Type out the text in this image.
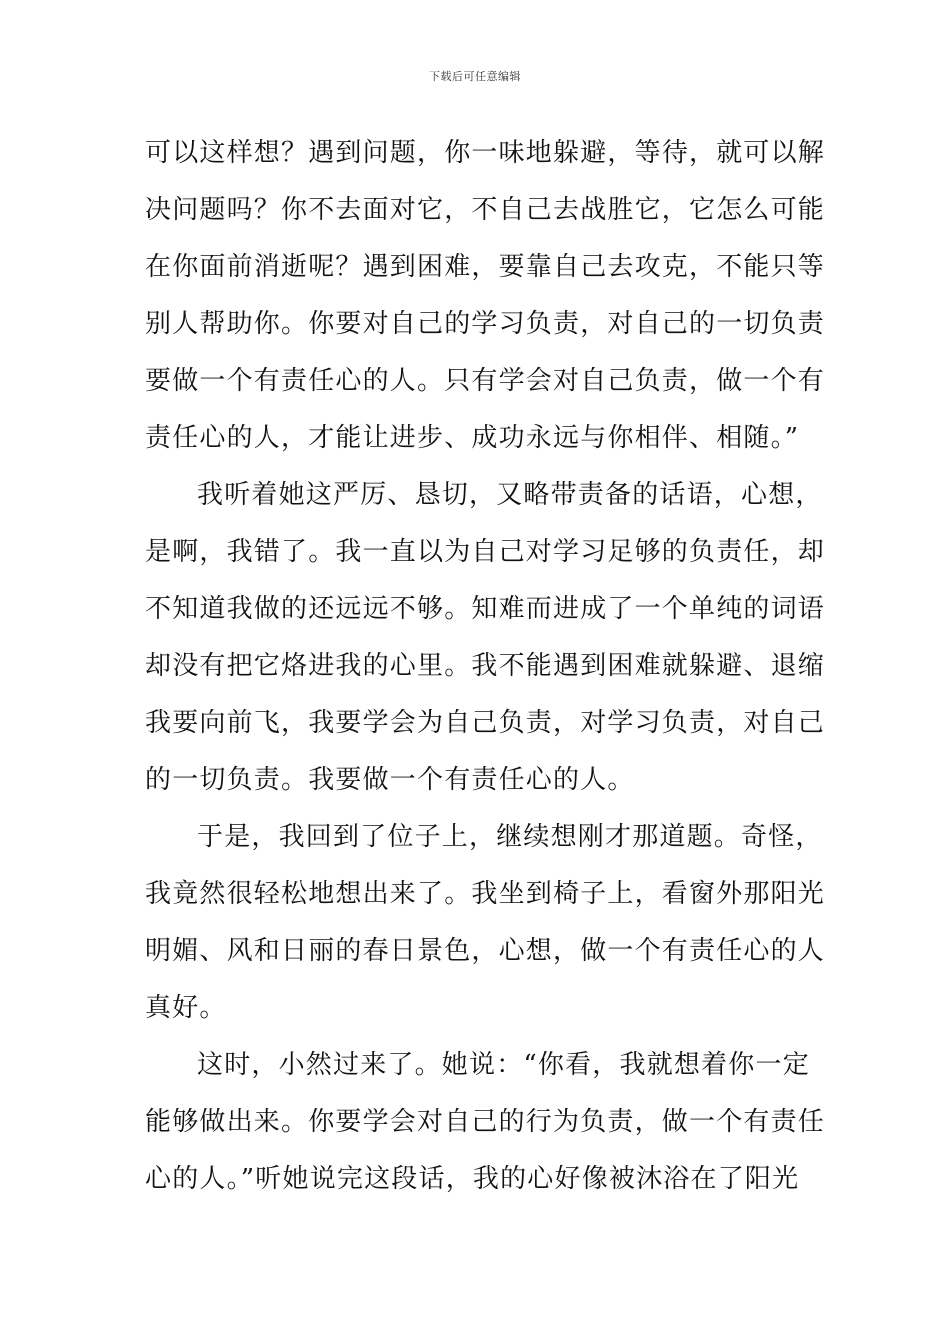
下载后可任意编辑
可以这样想？遇到问题，你一味地躲避，等待，就可以解
决问题吗？你不去面对它，不自己去战胜它，它怎么可能
在你面前消逝呢？遇到困难，要靠自己去攻克，不能只等
别人帮助你。你要对自己的学习负责，对自己的一切负责
要做一个有责任心的人。只有学会对自己负责，做一个有
责任心的人，才能让进步、成功永远与你相伴、相随。”
我听着她这严厉、恳切，又略带责备的话语，心想，
是啊，我错了。我一直以为自己对学习足够的负责任，却
不知道我做的还远远不够。知难而进成了一个单纯的词语
却没有把它烙进我的心里。我不能遇到困难就躲避、退缩
我要向前飞，我要学会为自己负责，对学习负责，对自己
的一切负责。我要做一个有责任心的人。
于是，我回到了位子上，继续想刚才那道题。奇怪，
我竟然很轻松地想出来了。我坐到椅子上，看窗外那阳光
明媚、风和日丽的春日景色，心想，做一个有责任心的人
真好。
这时，小然过来了。她说：“你看，我就想着你一定
能够做出来。你要学会对自己的行为负责，做一个有责任
心的人。”听她说完这段话，我的心好像被沐浴在了阳光
